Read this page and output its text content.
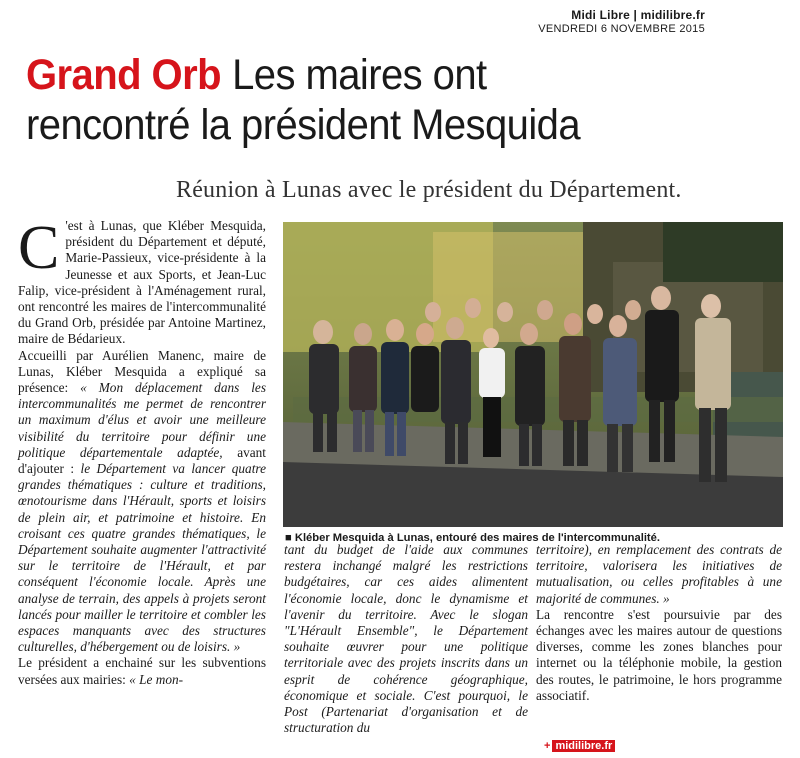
Midi Libre | midilibre.fr
VENDREDI 6 NOVEMBRE 2015
Grand Orb Les maires ont
rencontré la président Mesquida
Réunion à Lunas avec le président du Département.

C 'est à Lunas, que Kléber Mesquida, président du Département et député, Marie-Passieux, vice-présidente à la Jeunesse et aux Sports, et Jean-Luc Falip, vice-président à l'Aménagement rural, ont rencontré les maires de l'intercommunalité du Grand Orb, présidée par Antoine Martinez, maire de Bédarieux.

Accueilli par Aurélien Manenc, maire de Lunas, Kléber Mesquida a expliqué sa présence: « Mon déplacement dans les intercommunalités me permet de rencontrer un maximum d'élus et avoir une meilleure visibilité du territoire pour définir une politique départementale adaptée, avant d'ajouter : le Département va lancer quatre grandes thématiques : culture et traditions, œnotourisme dans l'Hérault, sports et loisirs de plein air, et patrimoine et histoire. En croisant ces quatre grandes thématiques, le Département souhaite augmenter l'attractivité sur le territoire de l'Hérault, et par conséquent l'économie locale. Après une analyse de terrain, des appels à projets seront lancés pour mailler le territoire et combler les espaces manquants avec des structures culturelles, d'hébergement ou de loisirs. »

Le président a enchainé sur les subventions versées aux mairies: « Le mon-

■ Kléber Mesquida à Lunas, entouré des maires de l'intercommunalité.

tant du budget de l'aide aux communes restera inchangé malgré les restrictions budgétaires, car ces aides alimentent l'économie locale, donc le dynamisme et l'avenir du territoire. Avec le slogan "L'Hérault Ensemble", le Département souhaite œuvrer pour une politique territoriale avec des projets inscrits dans un esprit de cohérence géographique, économique et sociale. C'est pourquoi, le Post (Partenariat d'organisation et de structuration du

territoire), en remplacement des contrats de territoire, valorisera les initiatives de mutualisation, ou celles profitables à une majorité de communes. »

La rencontre s'est poursuivie par des échanges avec les maires autour de questions diverses, comme les zones blanches pour internet ou la téléphonie mobile, la gestion des routes, le patrimoine, le hors programme associatif.

+ midilibre.fr
